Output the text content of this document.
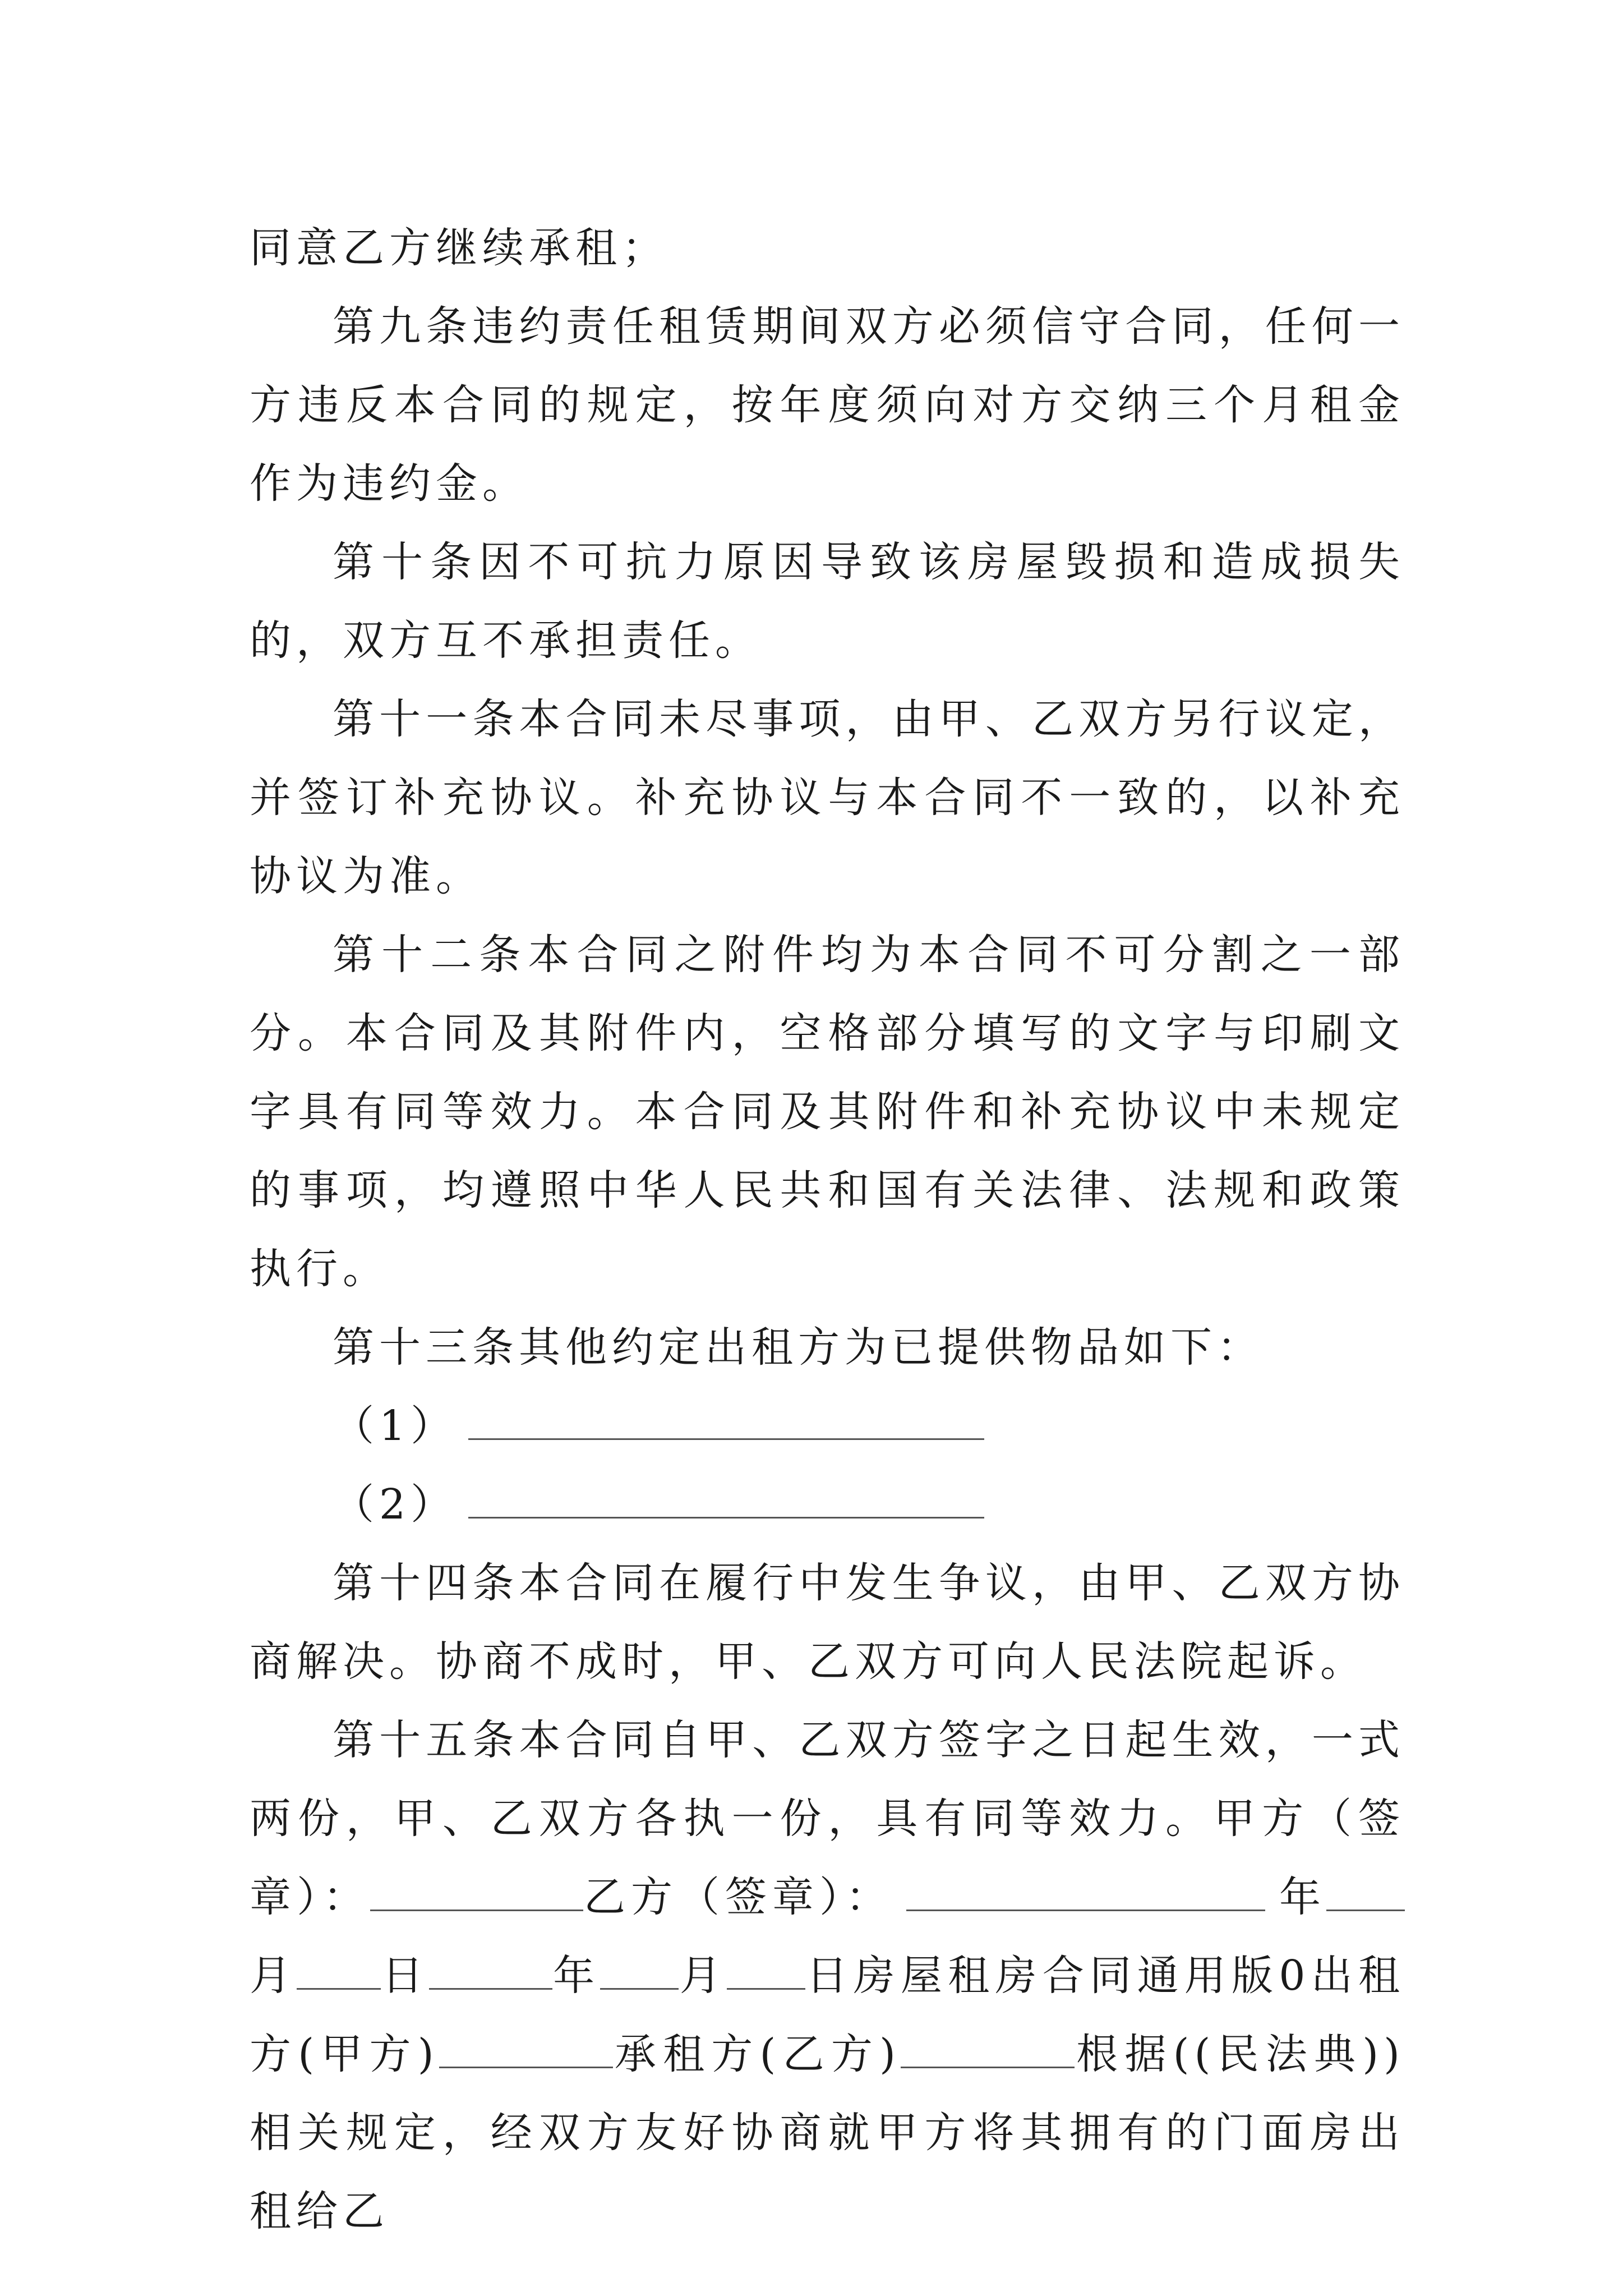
同意乙方继续承租；

第九条违约责任租赁期间双方必须信守合同，任何一方违反本合同的规定，按年度须向对方交纳三个月租金作为违约金。

第十条因不可抗力原因导致该房屋毁损和造成损失的，双方互不承担责任。

第十一条本合同未尽事项，由甲、乙双方另行议定，并签订补充协议。补充协议与本合同不一致的，以补充协议为准。

第十二条本合同之附件均为本合同不可分割之一部分。本合同及其附件内，空格部分填写的文字与印刷文字具有同等效力。本合同及其附件和补充协议中未规定的事项，均遵照中华人民共和国有关法律、法规和政策执行。

第十三条其他约定出租方为已提供物品如下：

（1）

（2）

第十四条本合同在履行中发生争议，由甲、乙双方协商解决。协商不成时，甲、乙双方可向人民法院起诉。

第十五条本合同自甲、乙双方签字之日起生效，一式两份，甲、乙双方各执一份，具有同等效力。甲方（签章）：	乙方（签章）：	年月 日	年 月 日房屋租房合同通用版0出租方(甲方)	承租方(乙方)	根据((民法典))相关规定，经双方友好协商就甲方将其拥有的门面房出租给乙
